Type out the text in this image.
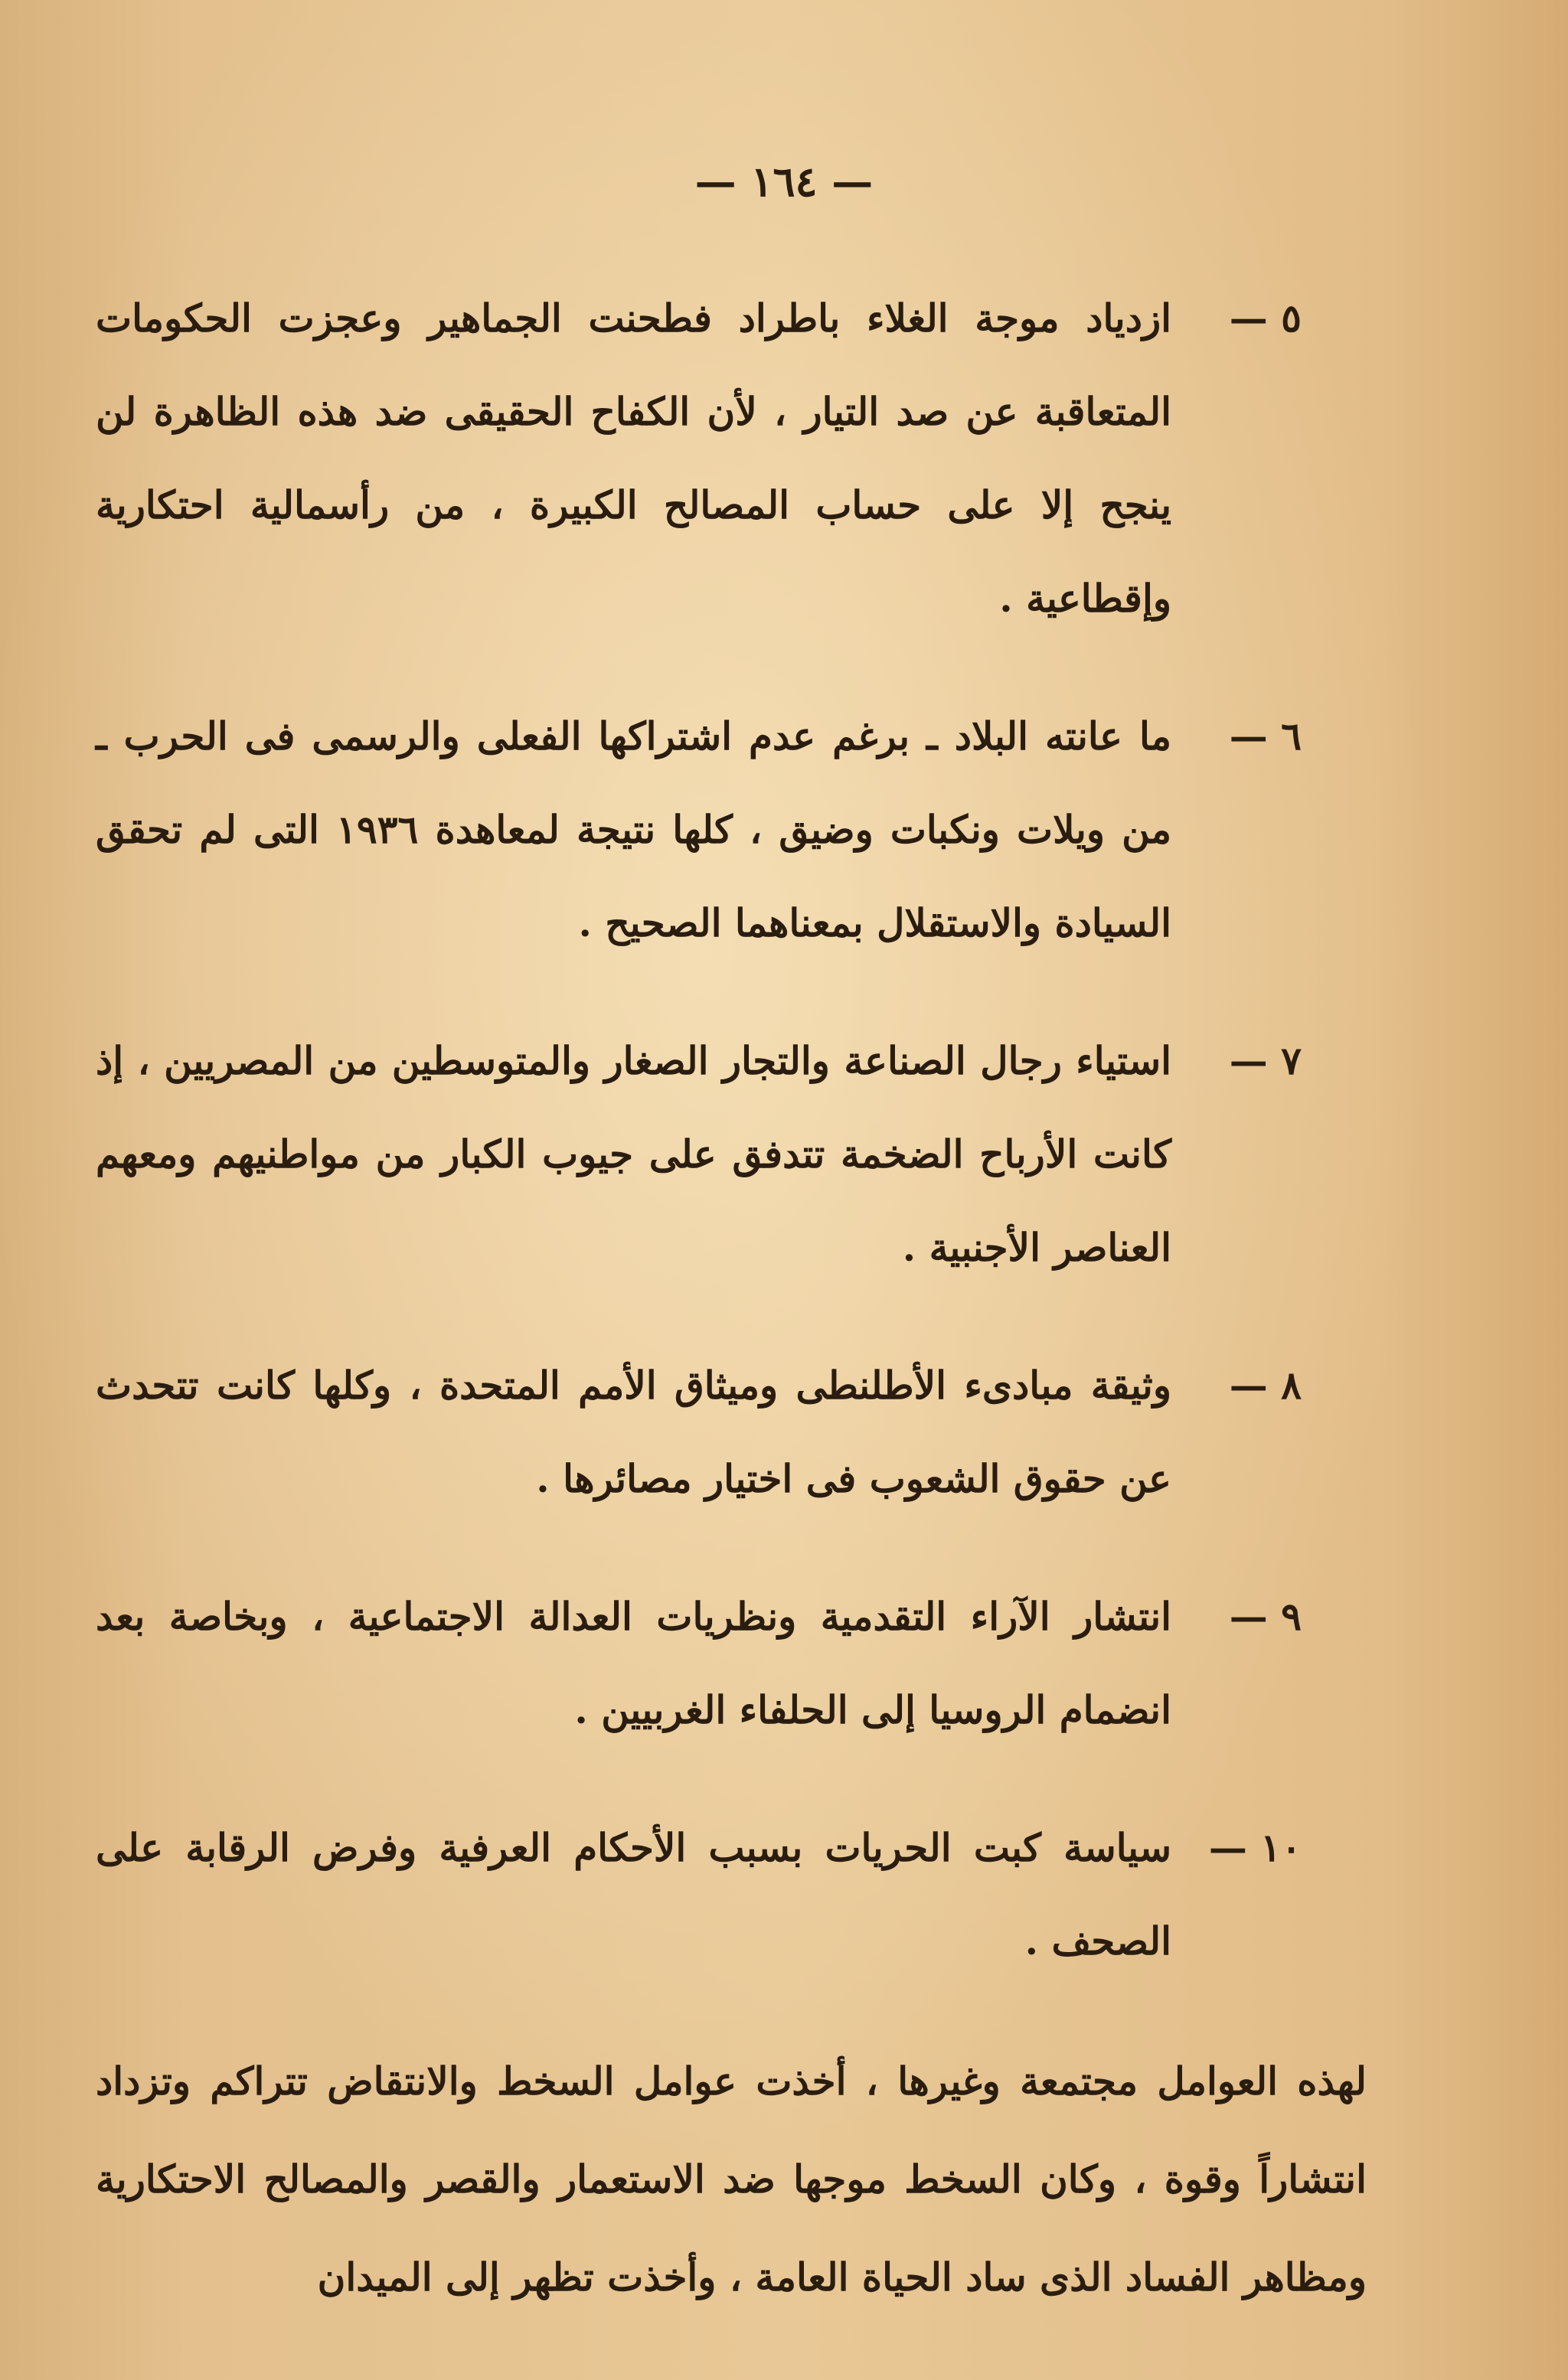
— ١٦٤ —
٥ —
ازدياد موجة الغلاء باطراد فطحنت الجماهير وعجزت الحكومات المتعاقبة عن صد التيار ، لأن الكفاح الحقيقى ضد هذه الظاهرة لن ينجح إلا على حساب المصالح الكبيرة ، من رأسمالية احتكارية وإقطاعية .
٦ —
ما عانته البلاد ـ برغم عدم اشتراكها الفعلى والرسمى فى الحرب ـ من ويلات ونكبات وضيق ، كلها نتيجة لمعاهدة ١٩٣٦ التى لم تحقق السيادة والاستقلال بمعناهما الصحيح .
٧ —
استياء رجال الصناعة والتجار الصغار والمتوسطين من المصريين ، إذ كانت الأرباح الضخمة تتدفق على جيوب الكبار من مواطنيهم ومعهم العناصر الأجنبية .
٨ —
وثيقة مبادىء الأطلنطى وميثاق الأمم المتحدة ، وكلها كانت تتحدث عن حقوق الشعوب فى اختيار مصائرها .
٩ —
انتشار الآراء التقدمية ونظريات العدالة الاجتماعية ، وبخاصة بعد انضمام الروسيا إلى الحلفاء الغربيين .
١٠ —
سياسة كبت الحريات بسبب الأحكام العرفية وفرض الرقابة على الصحف .
لهذه العوامل مجتمعة وغيرها ، أخذت عوامل السخط والانتقاض تتراكم وتزداد انتشاراً وقوة ، وكان السخط موجها ضد الاستعمار والقصر والمصالح الاحتكارية ومظاهر الفساد الذى ساد الحياة العامة ، وأخذت تظهر إلى الميدان
